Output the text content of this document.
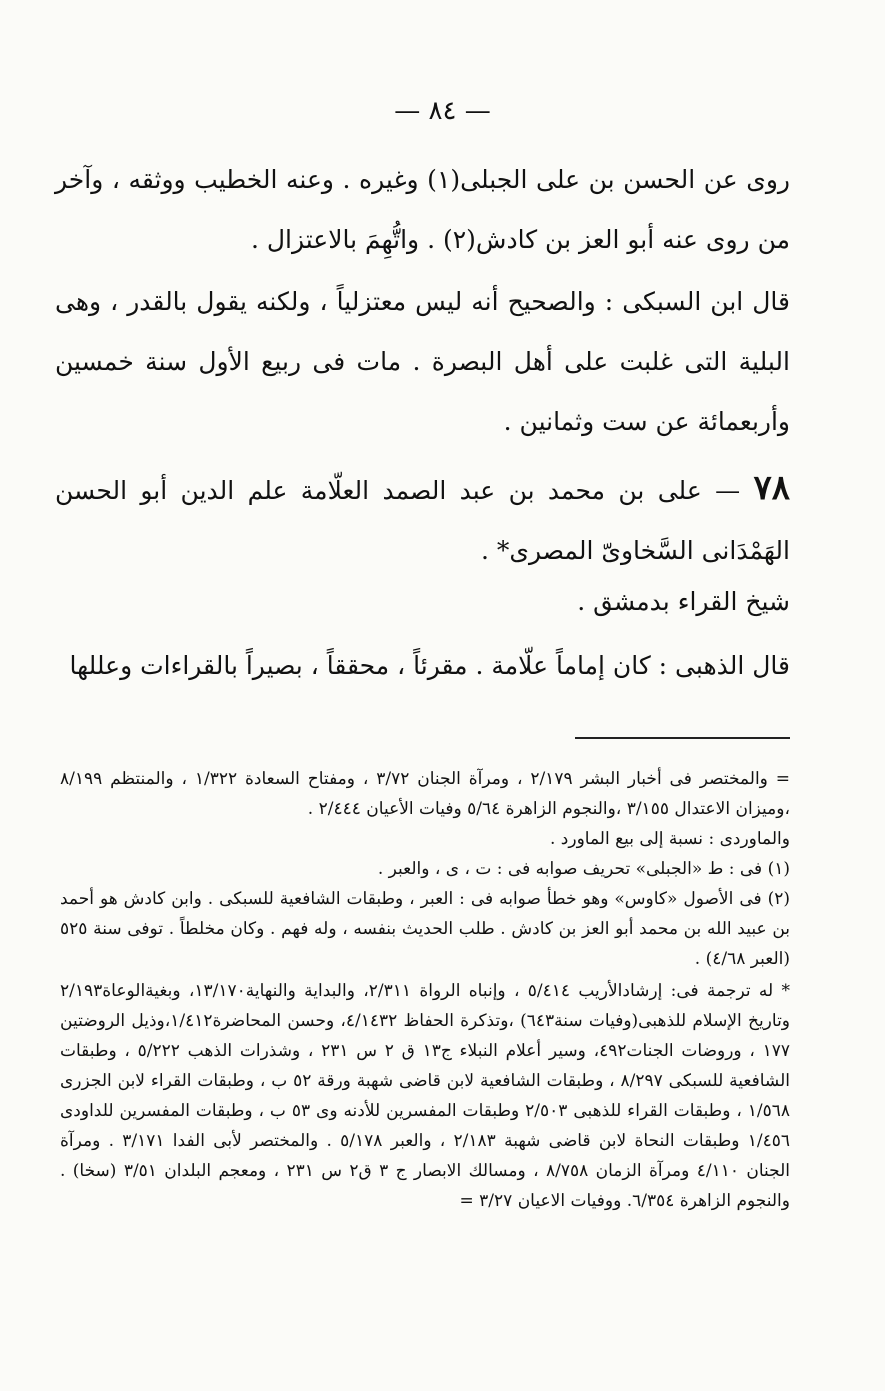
— ٨٤ —

روى عن الحسن بن على الجبلى(١) وغيره . وعنه الخطيب ووثقه ، وآخر من روى عنه أبو العز بن كادش(٢) . واتُّهِمَ بالاعتزال .

قال ابن السبكى : والصحيح أنه ليس معتزلياً ، ولكنه يقول بالقدر ، وهى البلية التى غلبت على أهل البصرة . مات فى ربيع الأول سنة خمسين وأربعمائة عن ست وثمانين .

٧٨ — على بن محمد بن عبد الصمد العلّامة علم الدين أبو الحسن الهَمْدَانى السَّخاوىّ المصرى* .

شيخ القراء بدمشق .

قال الذهبى : كان إماماً علّامة . مقرئاً ، محققاً ، بصيراً بالقراءات وعللها

= والمختصر فى أخبار البشر ٢/١٧٩ ، ومرآة الجنان ٣/٧٢ ، ومفتاح السعادة ١/٣٢٢ ، والمنتظم ٨/١٩٩ ،وميزان الاعتدال ٣/١٥٥ ،والنجوم الزاهرة ٥/٦٤ وفيات الأعيان ٢/٤٤٤ .

والماوردى : نسبة إلى بيع الماورد .

(١) فى : ط «الجبلى» تحريف صوابه فى : ت ، ى ، والعبر .

(٢) فى الأصول «كاوس» وهو خطأ صوابه فى : العبر ، وطبقات الشافعية للسبكى . وابن كادش هو أحمد بن عبيد الله بن محمد أبو العز بن كادش . طلب الحديث بنفسه ، وله فهم . وكان مخلطاً . توفى سنة ٥٢٥ (العبر ٤/٦٨) .

* له ترجمة فى: إرشادالأريب ٥/٤١٤ ، وإنباه الرواة ٢/٣١١، والبداية والنهاية١٣/١٧٠، وبغيةالوعاة٢/١٩٣ وتاريخ الإسلام للذهبى(وفيات سنة٦٤٣) ،وتذكرة الحفاظ ٤/١٤٣٢، وحسن المحاضرة١/٤١٢،وذيل الروضتين ١٧٧ ، وروضات الجنات٤٩٢، وسير أعلام النبلاء ج١٣ ق ٢ س ٢٣١ ، وشذرات الذهب ٥/٢٢٢ ، وطبقات الشافعية للسبكى ٨/٢٩٧ ، وطبقات الشافعية لابن قاضى شهبة ورقة ٥٢ ب ، وطبقات القراء لابن الجزرى ١/٥٦٨ ، وطبقات القراء للذهبى ٢/٥٠٣ وطبقات المفسرين للأدنه وى ٥٣ ب ، وطبقات المفسرين للداودى ١/٤٥٦ وطبقات النحاة لابن قاضى شهبة ٢/١٨٣ ، والعبر ٥/١٧٨ . والمختصر لأبى الفدا ٣/١٧١ . ومرآة الجنان ٤/١١٠ ومرآة الزمان ٨/٧٥٨ ، ومسالك الابصار ج ٣ ق٢ س ٢٣١ ، ومعجم البلدان ٣/٥١ (سخا) . والنجوم الزاهرة ٦/٣٥٤. ووفيات الاعيان ٣/٢٧ =
